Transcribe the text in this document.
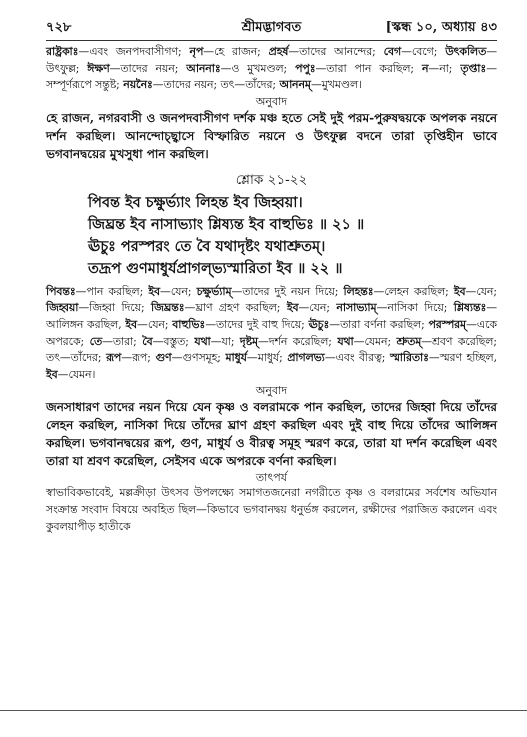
৭২৮	শ্রীমদ্ভাগবত	[স্কন্ধ ১০, অধ্যায় ৪৩

রাষ্ট্রকাঃ—এবং জনপদবাসীগণ; নৃপ—হে রাজন; প্রহর্ষ—তাদের আনন্দের; বেগ—বেগে; উৎকলিত—উৎফুল্ল; ঈক্ষণ—তাদের নয়ন; আননাঃ—ও মুখমণ্ডল; পপুঃ—তারা পান করছিল; ন—না; তৃপ্তাঃ—সম্পূর্ণরূপে সন্তুষ্ট; নয়নৈঃ—তাদের নয়ন; তৎ—তাঁদের; আননম্—মুখমণ্ডল।

অনুবাদ

হে রাজন, নগরবাসী ও জনপদবাসীগণ দর্শক মঞ্চ হতে সেই দুই পরম-পুরুষদ্বয়কে অপলক নয়নে দর্শন করছিল। আনন্দোচ্ছ্বাসে বিস্ফারিত নয়নে ও উৎফুল্ল বদনে তারা তৃপ্তিহীন ভাবে ভগবানদ্বয়ের মুখসুধা পান করছিল।

শ্লোক ২১-২২

পিবন্ত ইব চক্ষুর্ভ্যাং লিহন্ত ইব জিহ্বয়া।

জিঘ্রন্ত ইব নাসাভ্যাং শ্লিষ্যন্ত ইব বাহুভিঃ ॥ ২১ ॥

ঊচুঃ পরস্পরং তে বৈ যথাদৃষ্টং যথাশ্রুতম্।

তদ্রূপ গুণমাধুর্যপ্রাগল্ভ্যস্মারিতা ইব ॥ ২২ ॥

পিবন্তঃ—পান করছিল; ইব—যেন; চক্ষুর্ভ্যাম্—তাদের দুই নয়ন দিয়ে; লিহন্তঃ—লেহন করছিল; ইব—যেন; জিহ্বয়া—জিহ্বা দিয়ে; জিঘ্রন্তঃ—ঘ্রাণ গ্রহণ করছিল; ইব—যেন; নাসাভ্যাম্—নাসিকা দিয়ে; শ্লিষ্যন্তঃ—আলিঙ্গন করছিল, ইব—যেন; বাহুভিঃ—তাদের দুই বাহু দিয়ে; ঊচুঃ—তারা বর্ণনা করছিল; পরস্পরম্—একে অপরকে; তে—তারা; বৈ—বস্তুত; যথা—যা; দৃষ্টম্—দর্শন করেছিল; যথা—যেমন; শ্রুতম্—শ্রবণ করেছিল; তৎ—তাঁদের; রূপ—রূপ; গুণ—গুণসমূহ; মাধুর্য—মাধুর্য; প্রাগলভ্য—এবং বীরত্ব; স্মারিতাঃ—স্মরণ হচ্ছিল, ইব—যেমন।

অনুবাদ

জনসাধারণ তাদের নয়ন দিয়ে যেন কৃষ্ণ ও বলরামকে পান করছিল, তাদের জিহ্বা দিয়ে তাঁদের লেহন করছিল, নাসিকা দিয়ে তাঁদের ঘ্রাণ গ্রহণ করছিল এবং দুই বাহু দিয়ে তাঁদের আলিঙ্গন করছিল। ভগবানদ্বয়ের রূপ, গুণ, মাধুর্য ও বীরত্ব সমূহ স্মরণ করে, তারা যা দর্শন করেছিল এবং তারা যা শ্রবণ করেছিল, সেইসব একে অপরকে বর্ণনা করছিল।

তাৎপর্য

স্বাভাবিকভাবেই, মল্লক্রীড়া উৎসব উপলক্ষ্যে সমাগতজনেরা নগরীতে কৃষ্ণ ও বলরামের সর্বশেষ অভিযান সংক্রান্ত সংবাদ বিষয়ে অবহিত ছিল—কিভাবে ভগবানদ্বয় ধনুর্ভঙ্গ করলেন, রক্ষীদের পরাজিত করলেন এবং কুবলয়াপীড় হাতীকে
